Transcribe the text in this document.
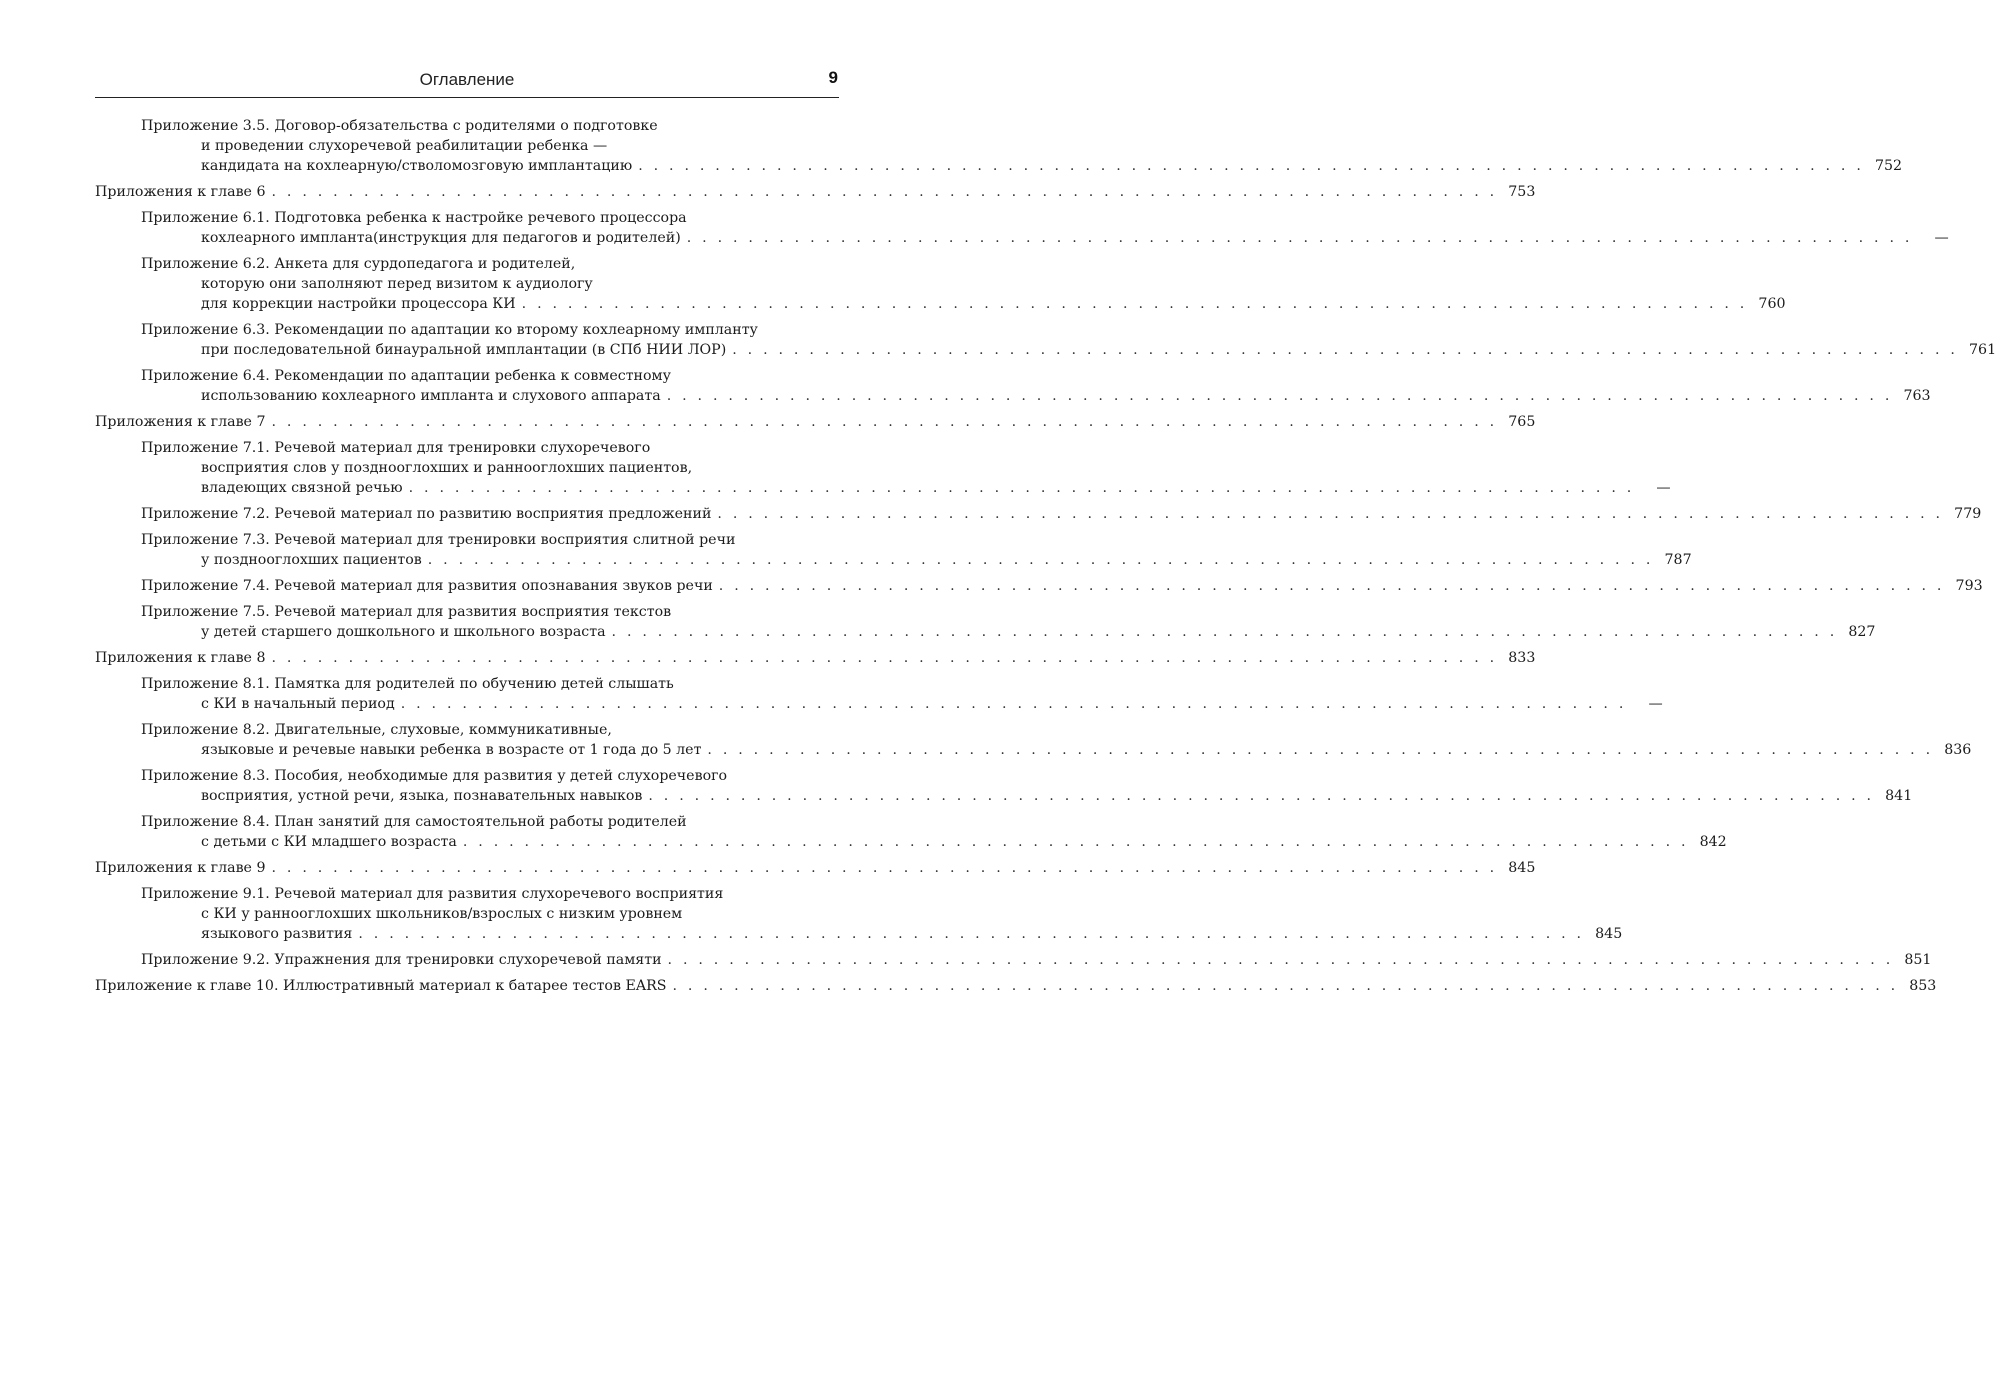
Оглавление	9
Приложение 3.5. Договор-обязательства с родителями о подготовке
и проведении слухоречевой реабилитации ребенка —
кандидата на кохлеарную/стволомозговую имплантацию . . . . . . . . . . . . . . . . . . . . . . . . . . . . . . . . . . . . . . . . . . . . . . . . . . . . . . . . . . . . . . . . . . . . . . . . . . . . . . . . 752
Приложения к главе 6 . . . . . . . . . . . . . . . . . . . . . . . . . . . . . . . . . . . . . . . . . . . . . . . . . . . . . . . . . . . . . . . . . . . . . . . . . . . . . . . . 753
Приложение 6.1. Подготовка ребенка к настройке речевого процессора
кохлеарного импланта(инструкция для педагогов и родителей) . . . . . . . . . . . . . . . . . . . . . . . . . . . . . . . . . . . . . . . . . . . . . . . . . . . . . . . . . . . . . . . . . . . . . . . . . . . . . . . .	—
Приложение 6.2. Анкета для сурдопедагога и родителей,
которую они заполняют перед визитом к аудиологу
для коррекции настройки процессора КИ . . . . . . . . . . . . . . . . . . . . . . . . . . . . . . . . . . . . . . . . . . . . . . . . . . . . . . . . . . . . . . . . . . . . . . . . . . . . . . . . 760
Приложение 6.3. Рекомендации по адаптации ко второму кохлеарному импланту
при последовательной бинауральной имплантации (в СПб НИИ ЛОР) . . . . . . . . . . . . . . . . . . . . . . . . . . . . . . . . . . . . . . . . . . . . . . . . . . . . . . . . . . . . . . . . . . . . . . . . . . . . . . . . 761
Приложение 6.4. Рекомендации по адаптации ребенка к совместному
использованию кохлеарного импланта и слухового аппарата . . . . . . . . . . . . . . . . . . . . . . . . . . . . . . . . . . . . . . . . . . . . . . . . . . . . . . . . . . . . . . . . . . . . . . . . . . . . . . . . 763
Приложения к главе 7 . . . . . . . . . . . . . . . . . . . . . . . . . . . . . . . . . . . . . . . . . . . . . . . . . . . . . . . . . . . . . . . . . . . . . . . . . . . . . . . . 765
Приложение 7.1. Речевой материал для тренировки слухоречевого
восприятия слов у позднооглохших и раннооглохших пациентов,
владеющих связной речью . . . . . . . . . . . . . . . . . . . . . . . . . . . . . . . . . . . . . . . . . . . . . . . . . . . . . . . . . . . . . . . . . . . . . . . . . . . . . . . .	—
Приложение 7.2. Речевой материал по развитию восприятия предложений . . . . . . . . . . . . . . . . . . . . . . . . . . . . . . . . . . . . . . . . . . . . . . . . . . . . . . . . . . . . . . . . . . . . . . . . . . . . . . . . 779
Приложение 7.3. Речевой материал для тренировки восприятия слитной речи
у позднооглохших пациентов . . . . . . . . . . . . . . . . . . . . . . . . . . . . . . . . . . . . . . . . . . . . . . . . . . . . . . . . . . . . . . . . . . . . . . . . . . . . . . . . 787
Приложение 7.4. Речевой материал для развития опознавания звуков речи . . . . . . . . . . . . . . . . . . . . . . . . . . . . . . . . . . . . . . . . . . . . . . . . . . . . . . . . . . . . . . . . . . . . . . . . . . . . . . . . 793
Приложение 7.5. Речевой материал для развития восприятия текстов
у детей старшего дошкольного и школьного возраста . . . . . . . . . . . . . . . . . . . . . . . . . . . . . . . . . . . . . . . . . . . . . . . . . . . . . . . . . . . . . . . . . . . . . . . . . . . . . . . . 827
Приложения к главе 8 . . . . . . . . . . . . . . . . . . . . . . . . . . . . . . . . . . . . . . . . . . . . . . . . . . . . . . . . . . . . . . . . . . . . . . . . . . . . . . . . 833
Приложение 8.1. Памятка для родителей по обучению детей слышать
с КИ в начальный период . . . . . . . . . . . . . . . . . . . . . . . . . . . . . . . . . . . . . . . . . . . . . . . . . . . . . . . . . . . . . . . . . . . . . . . . . . . . . . . .	—
Приложение 8.2. Двигательные, слуховые, коммуникативные,
языковые и речевые навыки ребенка в возрасте от 1 года до 5 лет . . . . . . . . . . . . . . . . . . . . . . . . . . . . . . . . . . . . . . . . . . . . . . . . . . . . . . . . . . . . . . . . . . . . . . . . . . . . . . . . 836
Приложение 8.3. Пособия, необходимые для развития у детей слухоречевого
восприятия, устной речи, языка, познавательных навыков . . . . . . . . . . . . . . . . . . . . . . . . . . . . . . . . . . . . . . . . . . . . . . . . . . . . . . . . . . . . . . . . . . . . . . . . . . . . . . . . 841
Приложение 8.4. План занятий для самостоятельной работы родителей
с детьми с КИ младшего возраста . . . . . . . . . . . . . . . . . . . . . . . . . . . . . . . . . . . . . . . . . . . . . . . . . . . . . . . . . . . . . . . . . . . . . . . . . . . . . . . . 842
Приложения к главе 9 . . . . . . . . . . . . . . . . . . . . . . . . . . . . . . . . . . . . . . . . . . . . . . . . . . . . . . . . . . . . . . . . . . . . . . . . . . . . . . . . 845
Приложение 9.1. Речевой материал для развития слухоречевого восприятия
с КИ у раннооглохших школьников/взрослых с низким уровнем
языкового развития . . . . . . . . . . . . . . . . . . . . . . . . . . . . . . . . . . . . . . . . . . . . . . . . . . . . . . . . . . . . . . . . . . . . . . . . . . . . . . . . 845
Приложение 9.2. Упражнения для тренировки слухоречевой памяти . . . . . . . . . . . . . . . . . . . . . . . . . . . . . . . . . . . . . . . . . . . . . . . . . . . . . . . . . . . . . . . . . . . . . . . . . . . . . . . . 851
Приложение к главе 10. Иллюстративный материал к батарее тестов EARS . . . . . . . . . . . . . . . . . . . . . . . . . . . . . . . . . . . . . . . . . . . . . . . . . . . . . . . . . . . . . . . . . . . . . . . . . . . . . . . . 853
